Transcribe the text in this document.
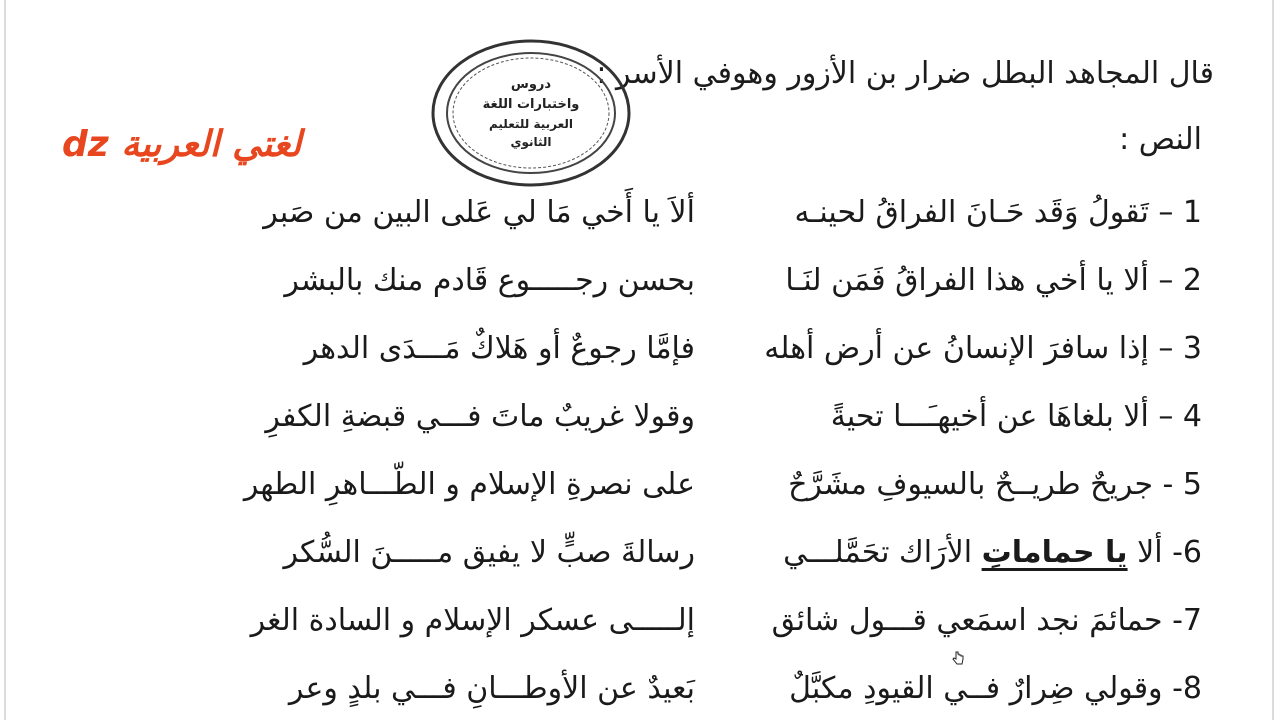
قال المجاهد البطل ضرار بن الأزور وهوفي الأسر :
النص :
لغتي العربية dz
دروس
واختبارات اللغة
العربية للتعليم
الثانوي
1 – تَقولُ وَقَد حَـانَ الفراقُ لحينـه
ألاَ يا أَخي مَا لي عَلى البين من صَبر
2 – ألا يا أخي هذا الفراقُ فَمَن لنَـا
بحسن رجـــــوع قَادم منك بالبشر
3 – إذا سافرَ الإنسانُ عن أرض أهله
فإمَّا رجوعٌ أو هَلاكٌ مَـــدَى الدهر
4 – ألا بلغاهَا عن أخيهـَـــا تحيةً
وقولا غريبٌ ماتَ فـــي قبضةِ الكفرِ
5 - جريحٌ طريــحٌ بالسيوفِ مشَرَّحٌ
على نصرةِ الإسلام و الطّـــاهرِ الطهر
6- ألا يا حماماتِ الأرَاك تحَمَّلـــي
رسالةَ صبٍّ لا يفيق مـــــنَ السُّكر
7- حمائمَ نجد اسمَعي قـــول شائق
إلـــــى عسكر الإسلام و السادة الغر
8- وقولي ضِرارٌ فــي القيودِ مكبَّلٌ
بَعيدٌ عن الأوطـــانِ فـــي بلدٍ وعر
